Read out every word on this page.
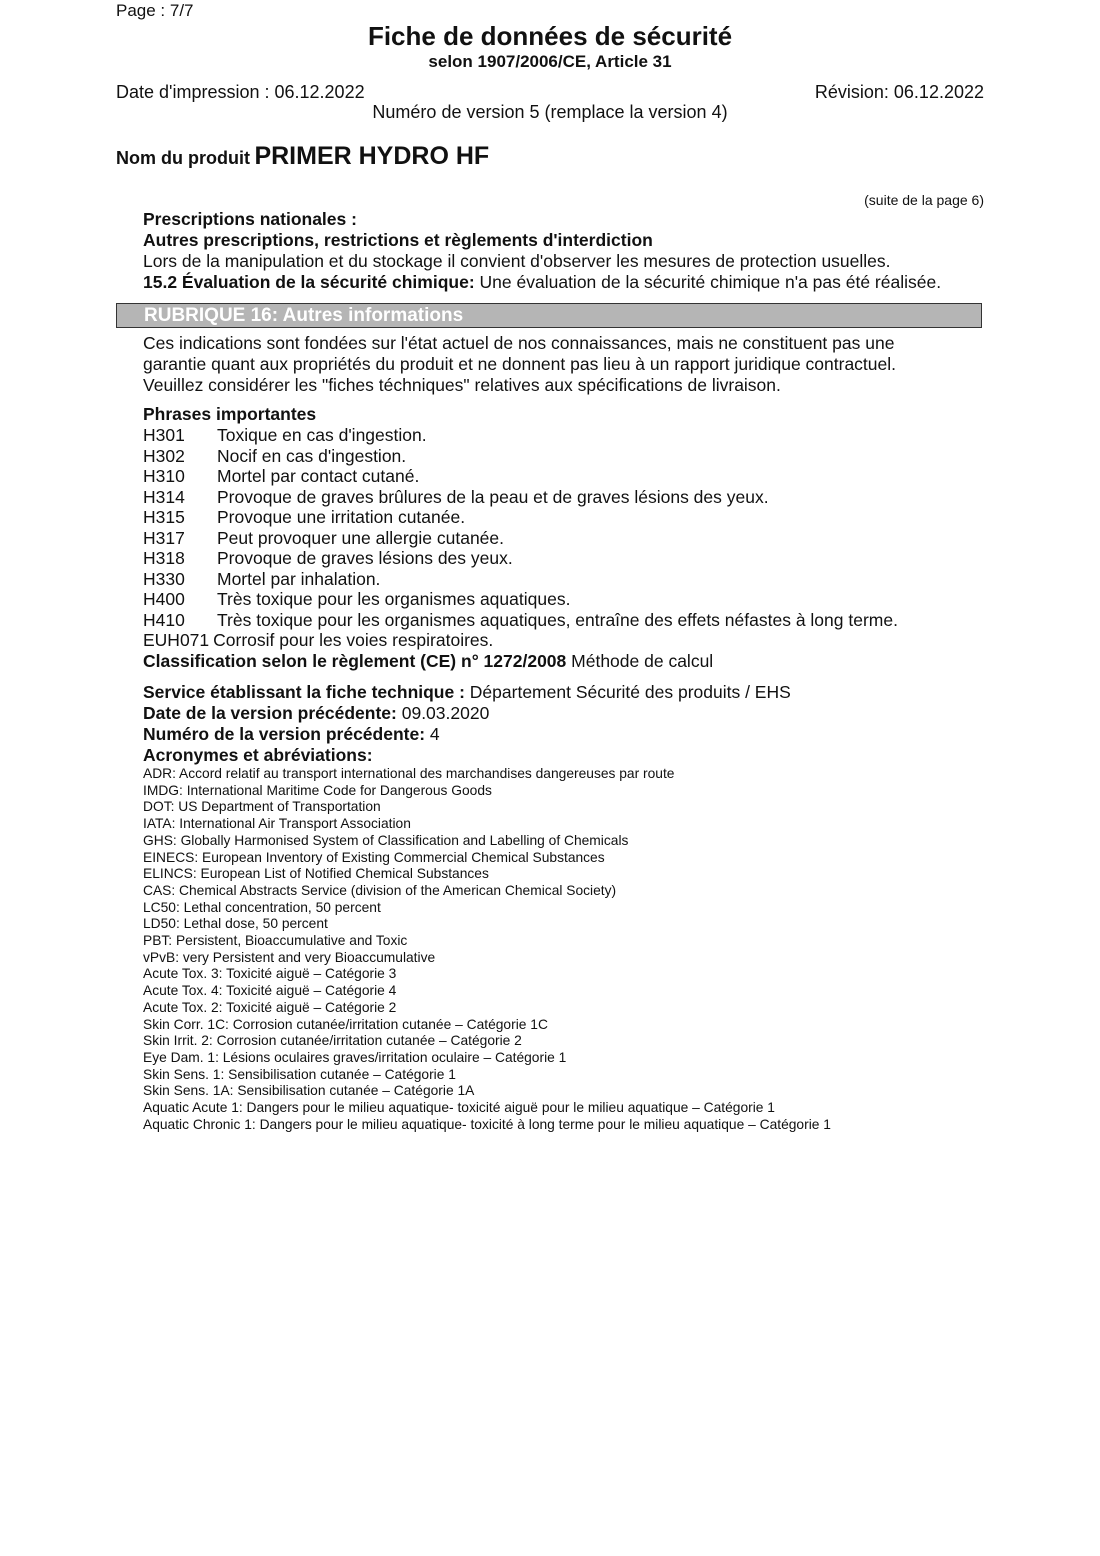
Page : 7/7
Fiche de données de sécurité
selon 1907/2006/CE, Article 31
Date d'impression : 06.12.2022	Révision: 06.12.2022
Numéro de version 5 (remplace la version 4)
Nom du produit PRIMER HYDRO HF
(suite de la page 6)
Prescriptions nationales :
Autres prescriptions, restrictions et règlements d'interdiction
Lors de la manipulation et du stockage il convient d'observer les mesures de protection usuelles.
15.2 Évaluation de la sécurité chimique: Une évaluation de la sécurité chimique n'a pas été réalisée.
RUBRIQUE 16: Autres informations
Ces indications sont fondées sur l'état actuel de nos connaissances, mais ne constituent pas une
garantie quant aux propriétés du produit et ne donnent pas lieu à un rapport juridique contractuel.
Veuillez considérer les "fiches téchniques" relatives aux spécifications de livraison.
Phrases importantes
H301 Toxique en cas d'ingestion.
H302 Nocif en cas d'ingestion.
H310 Mortel par contact cutané.
H314 Provoque de graves brûlures de la peau et de graves lésions des yeux.
H315 Provoque une irritation cutanée.
H317 Peut provoquer une allergie cutanée.
H318 Provoque de graves lésions des yeux.
H330 Mortel par inhalation.
H400 Très toxique pour les organismes aquatiques.
H410 Très toxique pour les organismes aquatiques, entraîne des effets néfastes à long terme.
EUH071 Corrosif pour les voies respiratoires.
Classification selon le règlement (CE) n° 1272/2008 Méthode de calcul
Service établissant la fiche technique : Département Sécurité des produits / EHS
Date de la version précédente: 09.03.2020
Numéro de la version précédente: 4
Acronymes et abréviations:
ADR: Accord relatif au transport international des marchandises dangereuses par route
IMDG: International Maritime Code for Dangerous Goods
DOT: US Department of Transportation
IATA: International Air Transport Association
GHS: Globally Harmonised System of Classification and Labelling of Chemicals
EINECS: European Inventory of Existing Commercial Chemical Substances
ELINCS: European List of Notified Chemical Substances
CAS: Chemical Abstracts Service (division of the American Chemical Society)
LC50: Lethal concentration, 50 percent
LD50: Lethal dose, 50 percent
PBT: Persistent, Bioaccumulative and Toxic
vPvB: very Persistent and very Bioaccumulative
Acute Tox. 3: Toxicité aiguë – Catégorie 3
Acute Tox. 4: Toxicité aiguë – Catégorie 4
Acute Tox. 2: Toxicité aiguë – Catégorie 2
Skin Corr. 1C: Corrosion cutanée/irritation cutanée – Catégorie 1C
Skin Irrit. 2: Corrosion cutanée/irritation cutanée – Catégorie 2
Eye Dam. 1: Lésions oculaires graves/irritation oculaire – Catégorie 1
Skin Sens. 1: Sensibilisation cutanée – Catégorie 1
Skin Sens. 1A: Sensibilisation cutanée – Catégorie 1A
Aquatic Acute 1: Dangers pour le milieu aquatique- toxicité aiguë pour le milieu aquatique – Catégorie 1
Aquatic Chronic 1: Dangers pour le milieu aquatique- toxicité à long terme pour le milieu aquatique – Catégorie 1
